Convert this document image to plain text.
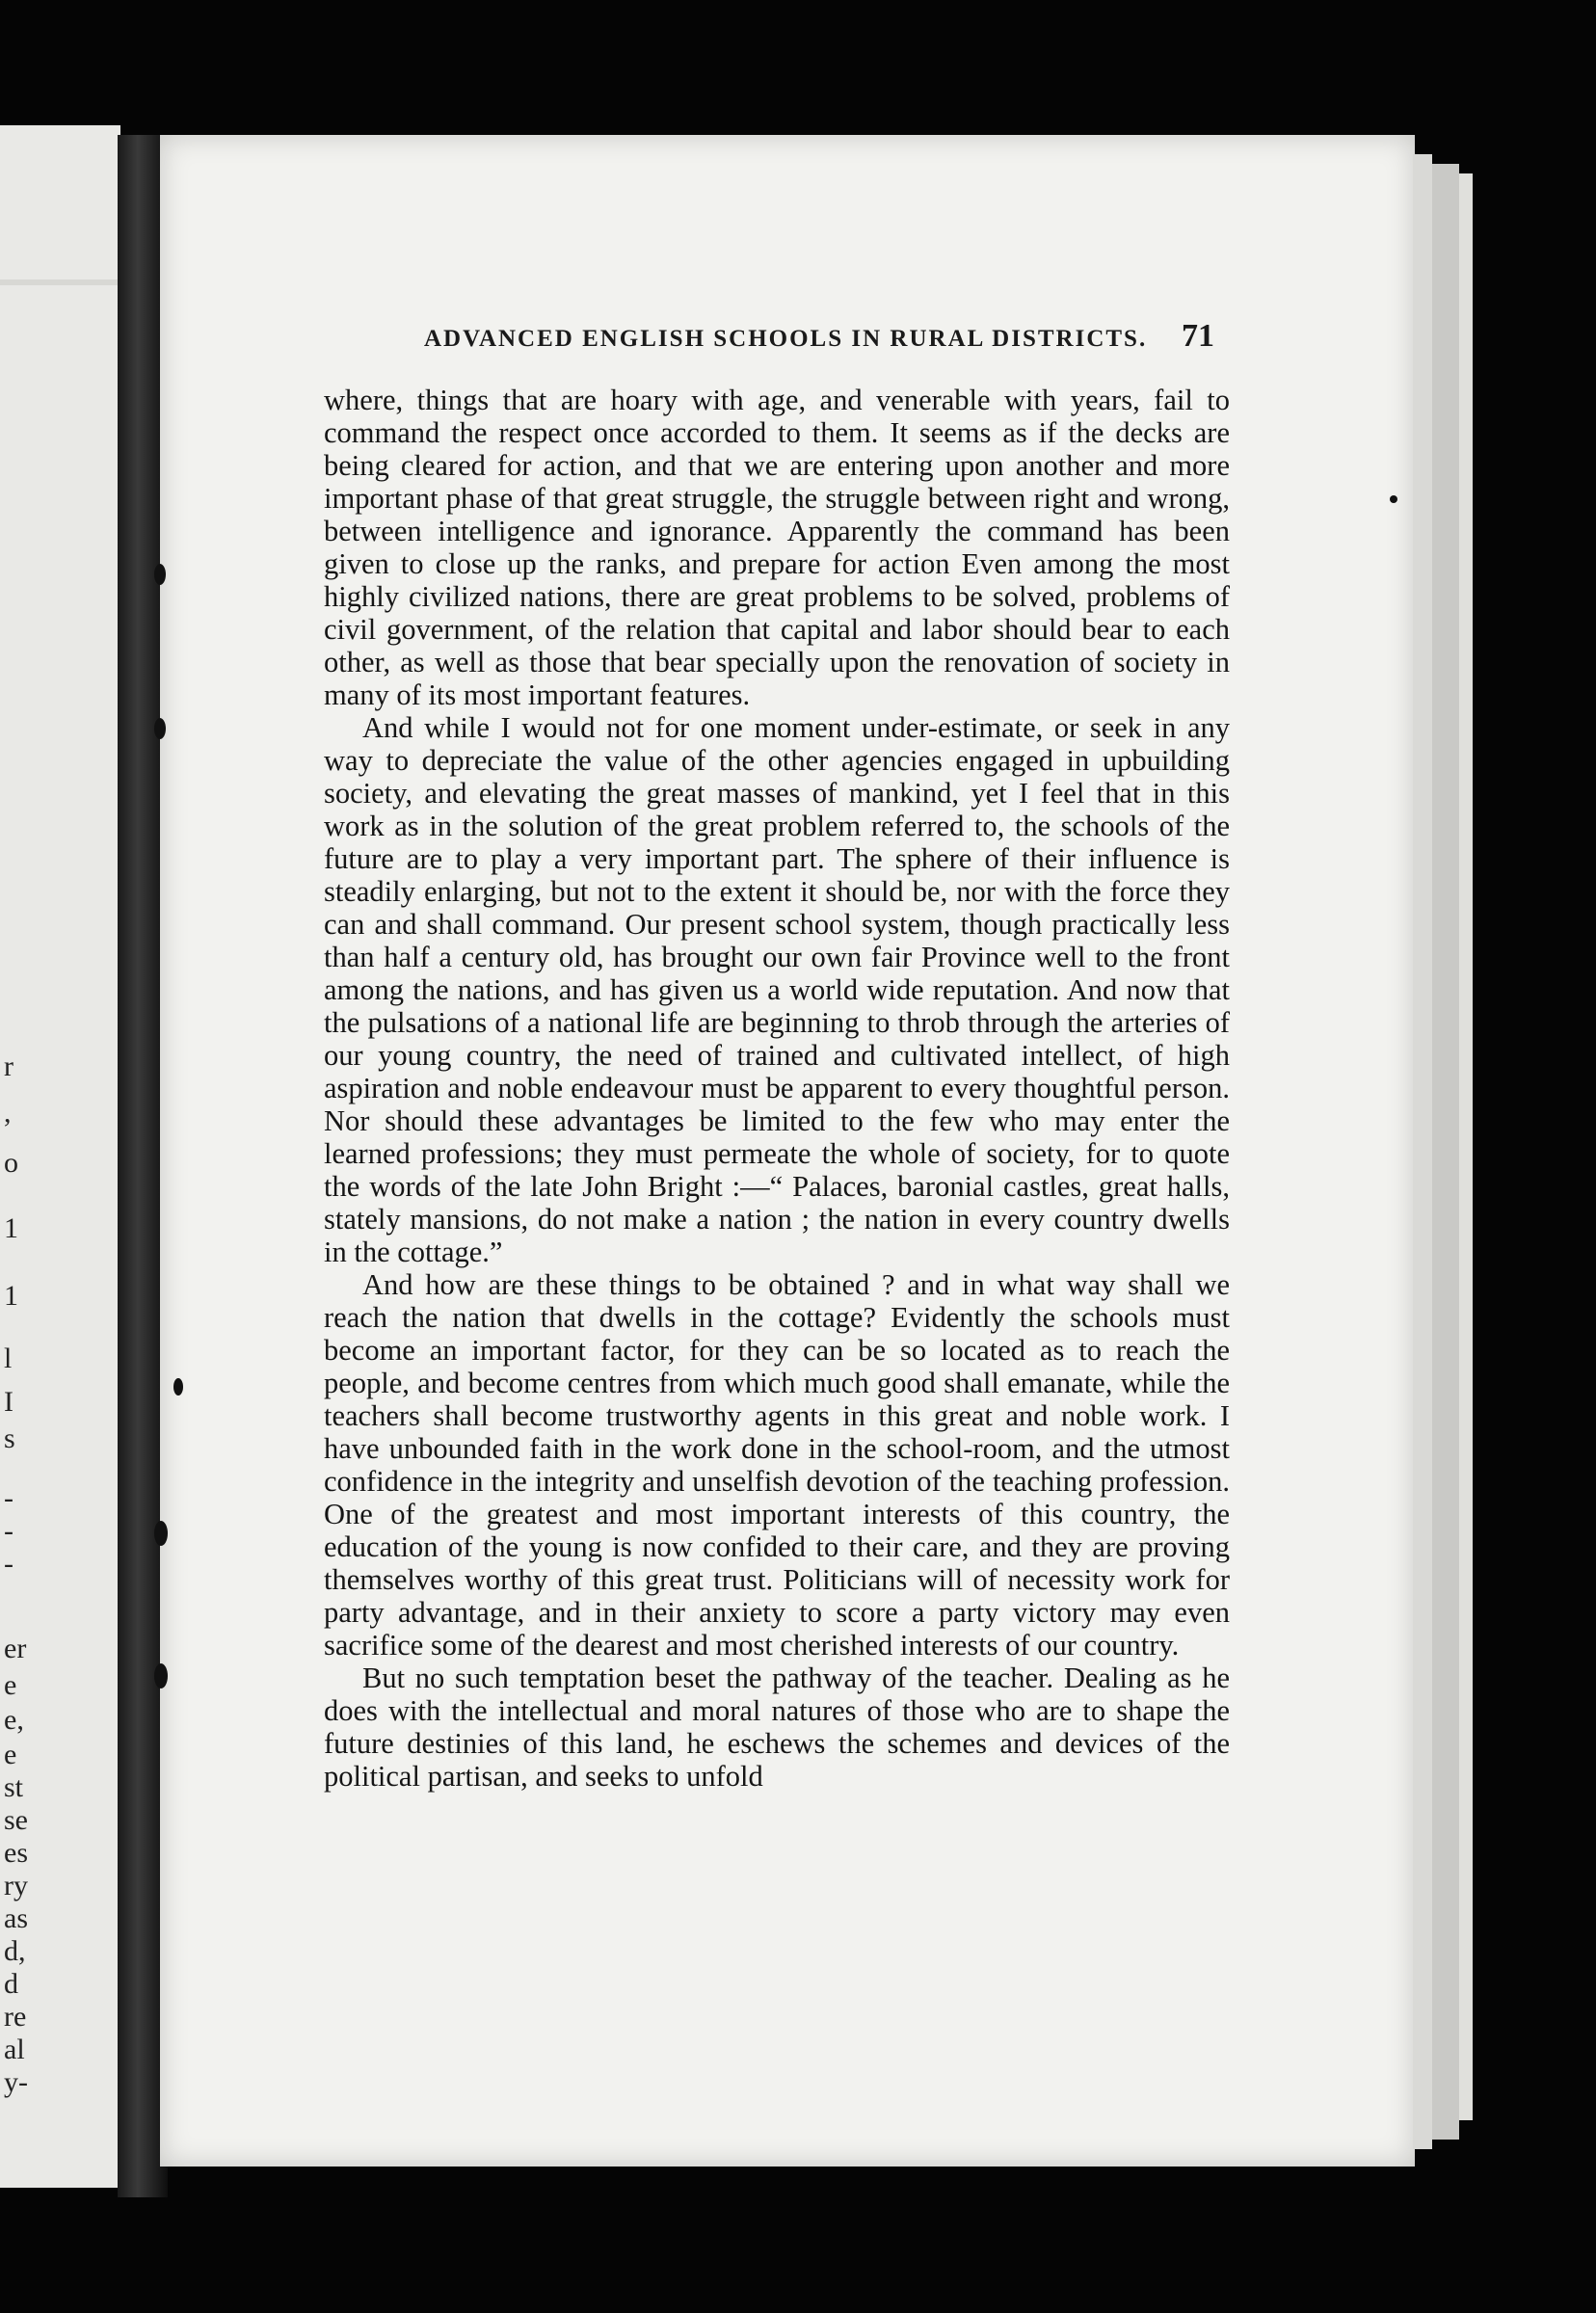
r
,
o
1
1
l
I
s
-
-
-
er
e
e,
e
st
se
es
ry
as
d,
d
re
al
y-
ADVANCED ENGLISH SCHOOLS IN RURAL DISTRICTS. 71

where, things that are hoary with age, and venerable with years, fail to command the respect once accorded to them. It seems as if the decks are being cleared for action, and that we are entering upon another and more important phase of that great struggle, the struggle between right and wrong, between intelligence and ignorance. Apparently the command has been given to close up the ranks, and prepare for action Even among the most highly civilized nations, there are great problems to be solved, problems of civil government, of the relation that capital and labor should bear to each other, as well as those that bear specially upon the renovation of society in many of its most important features.

And while I would not for one moment under-estimate, or seek in any way to depreciate the value of the other agencies engaged in upbuilding society, and elevating the great masses of mankind, yet I feel that in this work as in the solution of the great problem referred to, the schools of the future are to play a very important part. The sphere of their influence is steadily enlarging, but not to the extent it should be, nor with the force they can and shall command. Our present school system, though practically less than half a century old, has brought our own fair Province well to the front among the nations, and has given us a world wide reputation. And now that the pulsations of a national life are beginning to throb through the arteries of our young country, the need of trained and cultivated intellect, of high aspiration and noble endeavour must be apparent to every thoughtful person. Nor should these advantages be limited to the few who may enter the learned professions; they must permeate the whole of society, for to quote the words of the late John Bright :—“ Palaces, baronial castles, great halls, stately mansions, do not make a nation ; the nation in every country dwells in the cottage.”

And how are these things to be obtained ? and in what way shall we reach the nation that dwells in the cottage? Evidently the schools must become an important factor, for they can be so located as to reach the people, and become centres from which much good shall emanate, while the teachers shall become trustworthy agents in this great and noble work. I have unbounded faith in the work done in the school-room, and the utmost confidence in the integrity and unselfish devotion of the teaching profession. One of the greatest and most important interests of this country, the education of the young is now confided to their care, and they are proving themselves worthy of this great trust. Politicians will of necessity work for party advantage, and in their anxiety to score a party victory may even sacrifice some of the dearest and most cherished interests of our country.

But no such temptation beset the pathway of the teacher. Dealing as he does with the intellectual and moral natures of those who are to shape the future destinies of this land, he eschews the schemes and devices of the political partisan, and seeks to unfold
